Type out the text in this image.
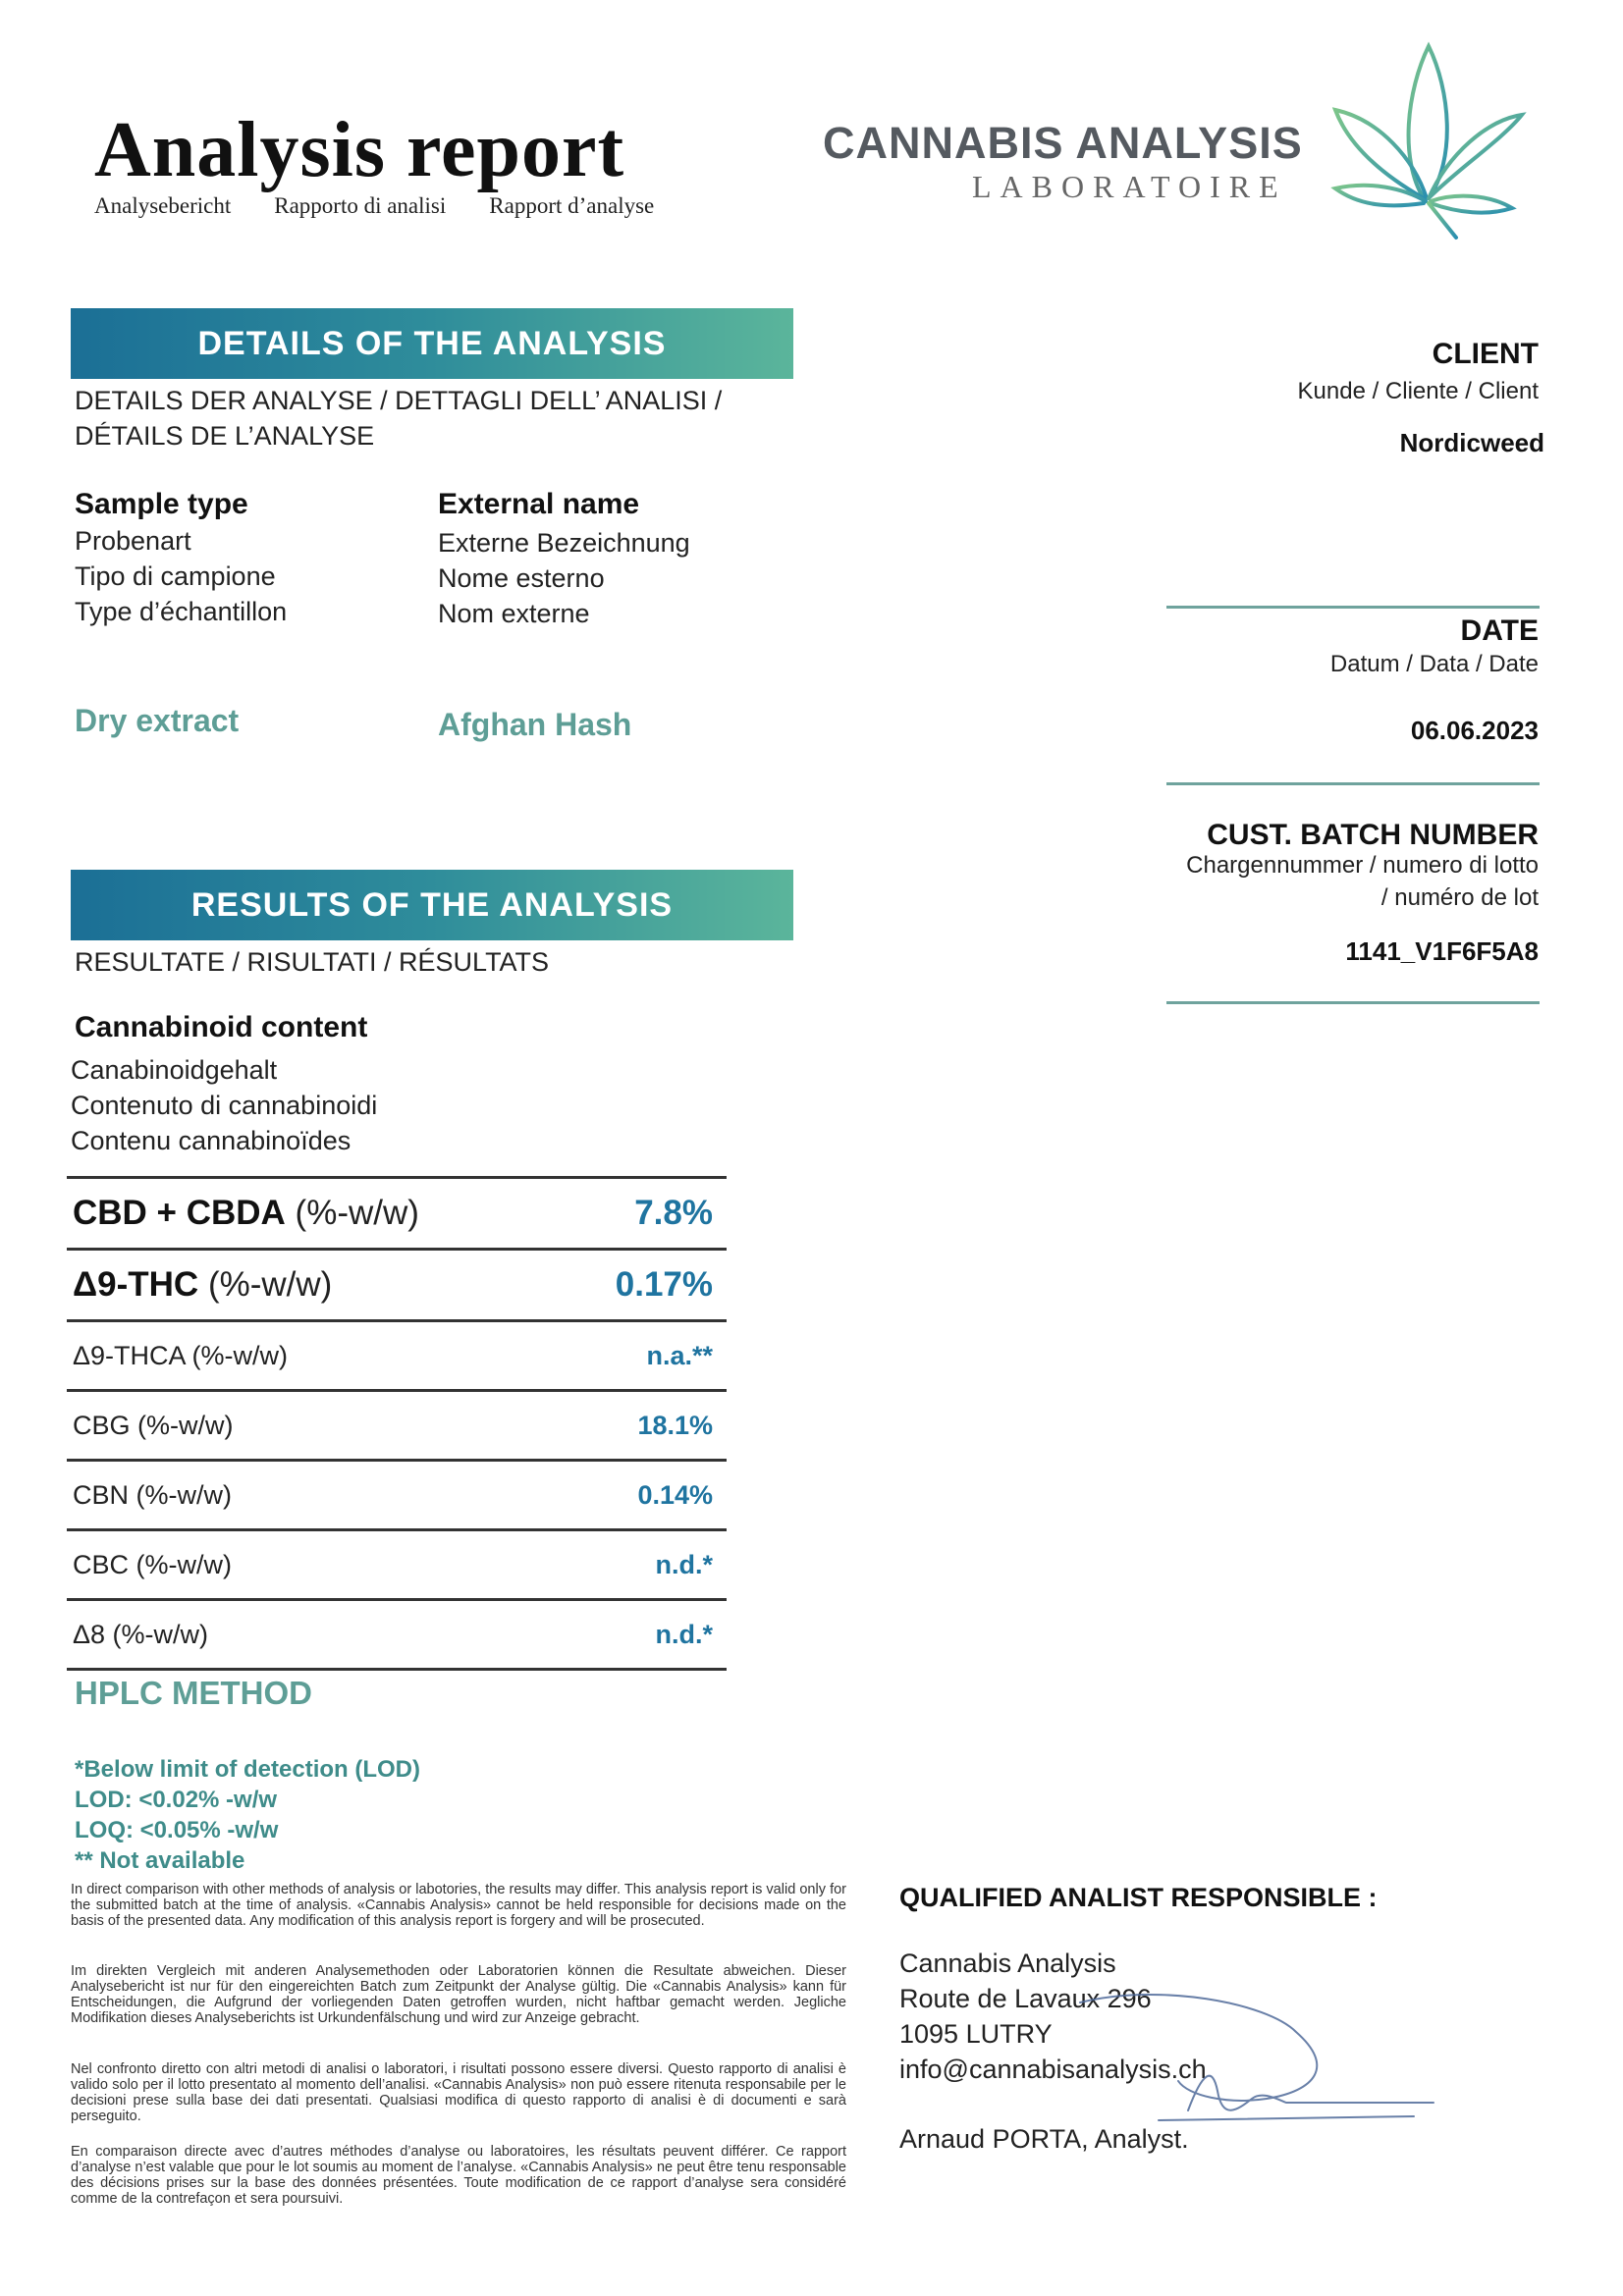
Analysis report
Analysebericht Rapporto di analisi Rapport d’analyse
CANNABIS ANALYSIS
LABORATOIRE
DETAILS OF THE ANALYSIS
DETAILS DER ANALYSE / DETTAGLI DELL’ ANALISI /
DÉTAILS DE L’ANALYSE
Sample type
Probenart
Tipo di campione
Type d’échantillon
Dry extract
External name
Externe Bezeichnung
Nome esterno
Nom externe
Afghan Hash
CLIENT
Kunde / Cliente / Client
Nordicweed
DATE
Datum / Data / Date
06.06.2023
CUST. BATCH NUMBER
Chargennummer / numero di lotto
/ numéro de lot
1141_V1F6F5A8
RESULTS OF THE ANALYSIS
RESULTATE / RISULTATI / RÉSULTATS
Cannabinoid content
Canabinoidgehalt
Contenuto di cannabinoidi
Contenu cannabinoïdes
CBD + CBDA (%-w/w)	7.8%
Δ9-THC (%-w/w)	0.17%
Δ9-THCA (%-w/w)	n.a.**
CBG (%-w/w)	18.1%
CBN (%-w/w)	0.14%
CBC (%-w/w)	n.d.*
Δ8 (%-w/w)	n.d.*
HPLC METHOD
*Below limit of detection (LOD)
LOD: <0.02% -w/w
LOQ: <0.05% -w/w
** Not available
In direct comparison with other methods of analysis or labotories, the results may differ. This analysis report is valid only for the submitted batch at the time of analysis. «Cannabis Analysis» cannot be held responsible for decisions made on the basis of the presented data. Any modification of this analysis report is forgery and will be prosecuted.
Im direkten Vergleich mit anderen Analysemethoden oder Laboratorien können die Resultate abweichen. Dieser Analysebericht ist nur für den eingereichten Batch zum Zeitpunkt der Analyse gültig. Die «Cannabis Analysis» kann für Entscheidungen, die Aufgrund der vorliegenden Daten getroffen wurden, nicht haftbar gemacht werden. Jegliche Modifikation dieses Analyseberichts ist Urkundenfälschung und wird zur Anzeige gebracht.
Nel confronto diretto con altri metodi di analisi o laboratori, i risultati possono essere diversi. Questo rapporto di analisi è valido solo per il lotto presentato al momento dell’analisi. «Cannabis Analysis» non può essere ritenuta responsabile per le decisioni prese sulla base dei dati presentati. Qualsiasi modifica di questo rapporto di analisi è di documenti e sarà perseguito.
En comparaison directe avec d’autres méthodes d’analyse ou laboratoires, les résultats peuvent différer. Ce rapport d’analyse n’est valable que pour le lot soumis au moment de l’analyse. «Cannabis Analysis» ne peut être tenu responsable des décisions prises sur la base des données présentées. Toute modification de ce rapport d’analyse sera considéré comme de la contrefaçon et sera poursuivi.
QUALIFIED ANALIST RESPONSIBLE :
Cannabis Analysis
Route de Lavaux 296
1095 LUTRY
info@cannabisanalysis.ch
Arnaud PORTA, Analyst.
